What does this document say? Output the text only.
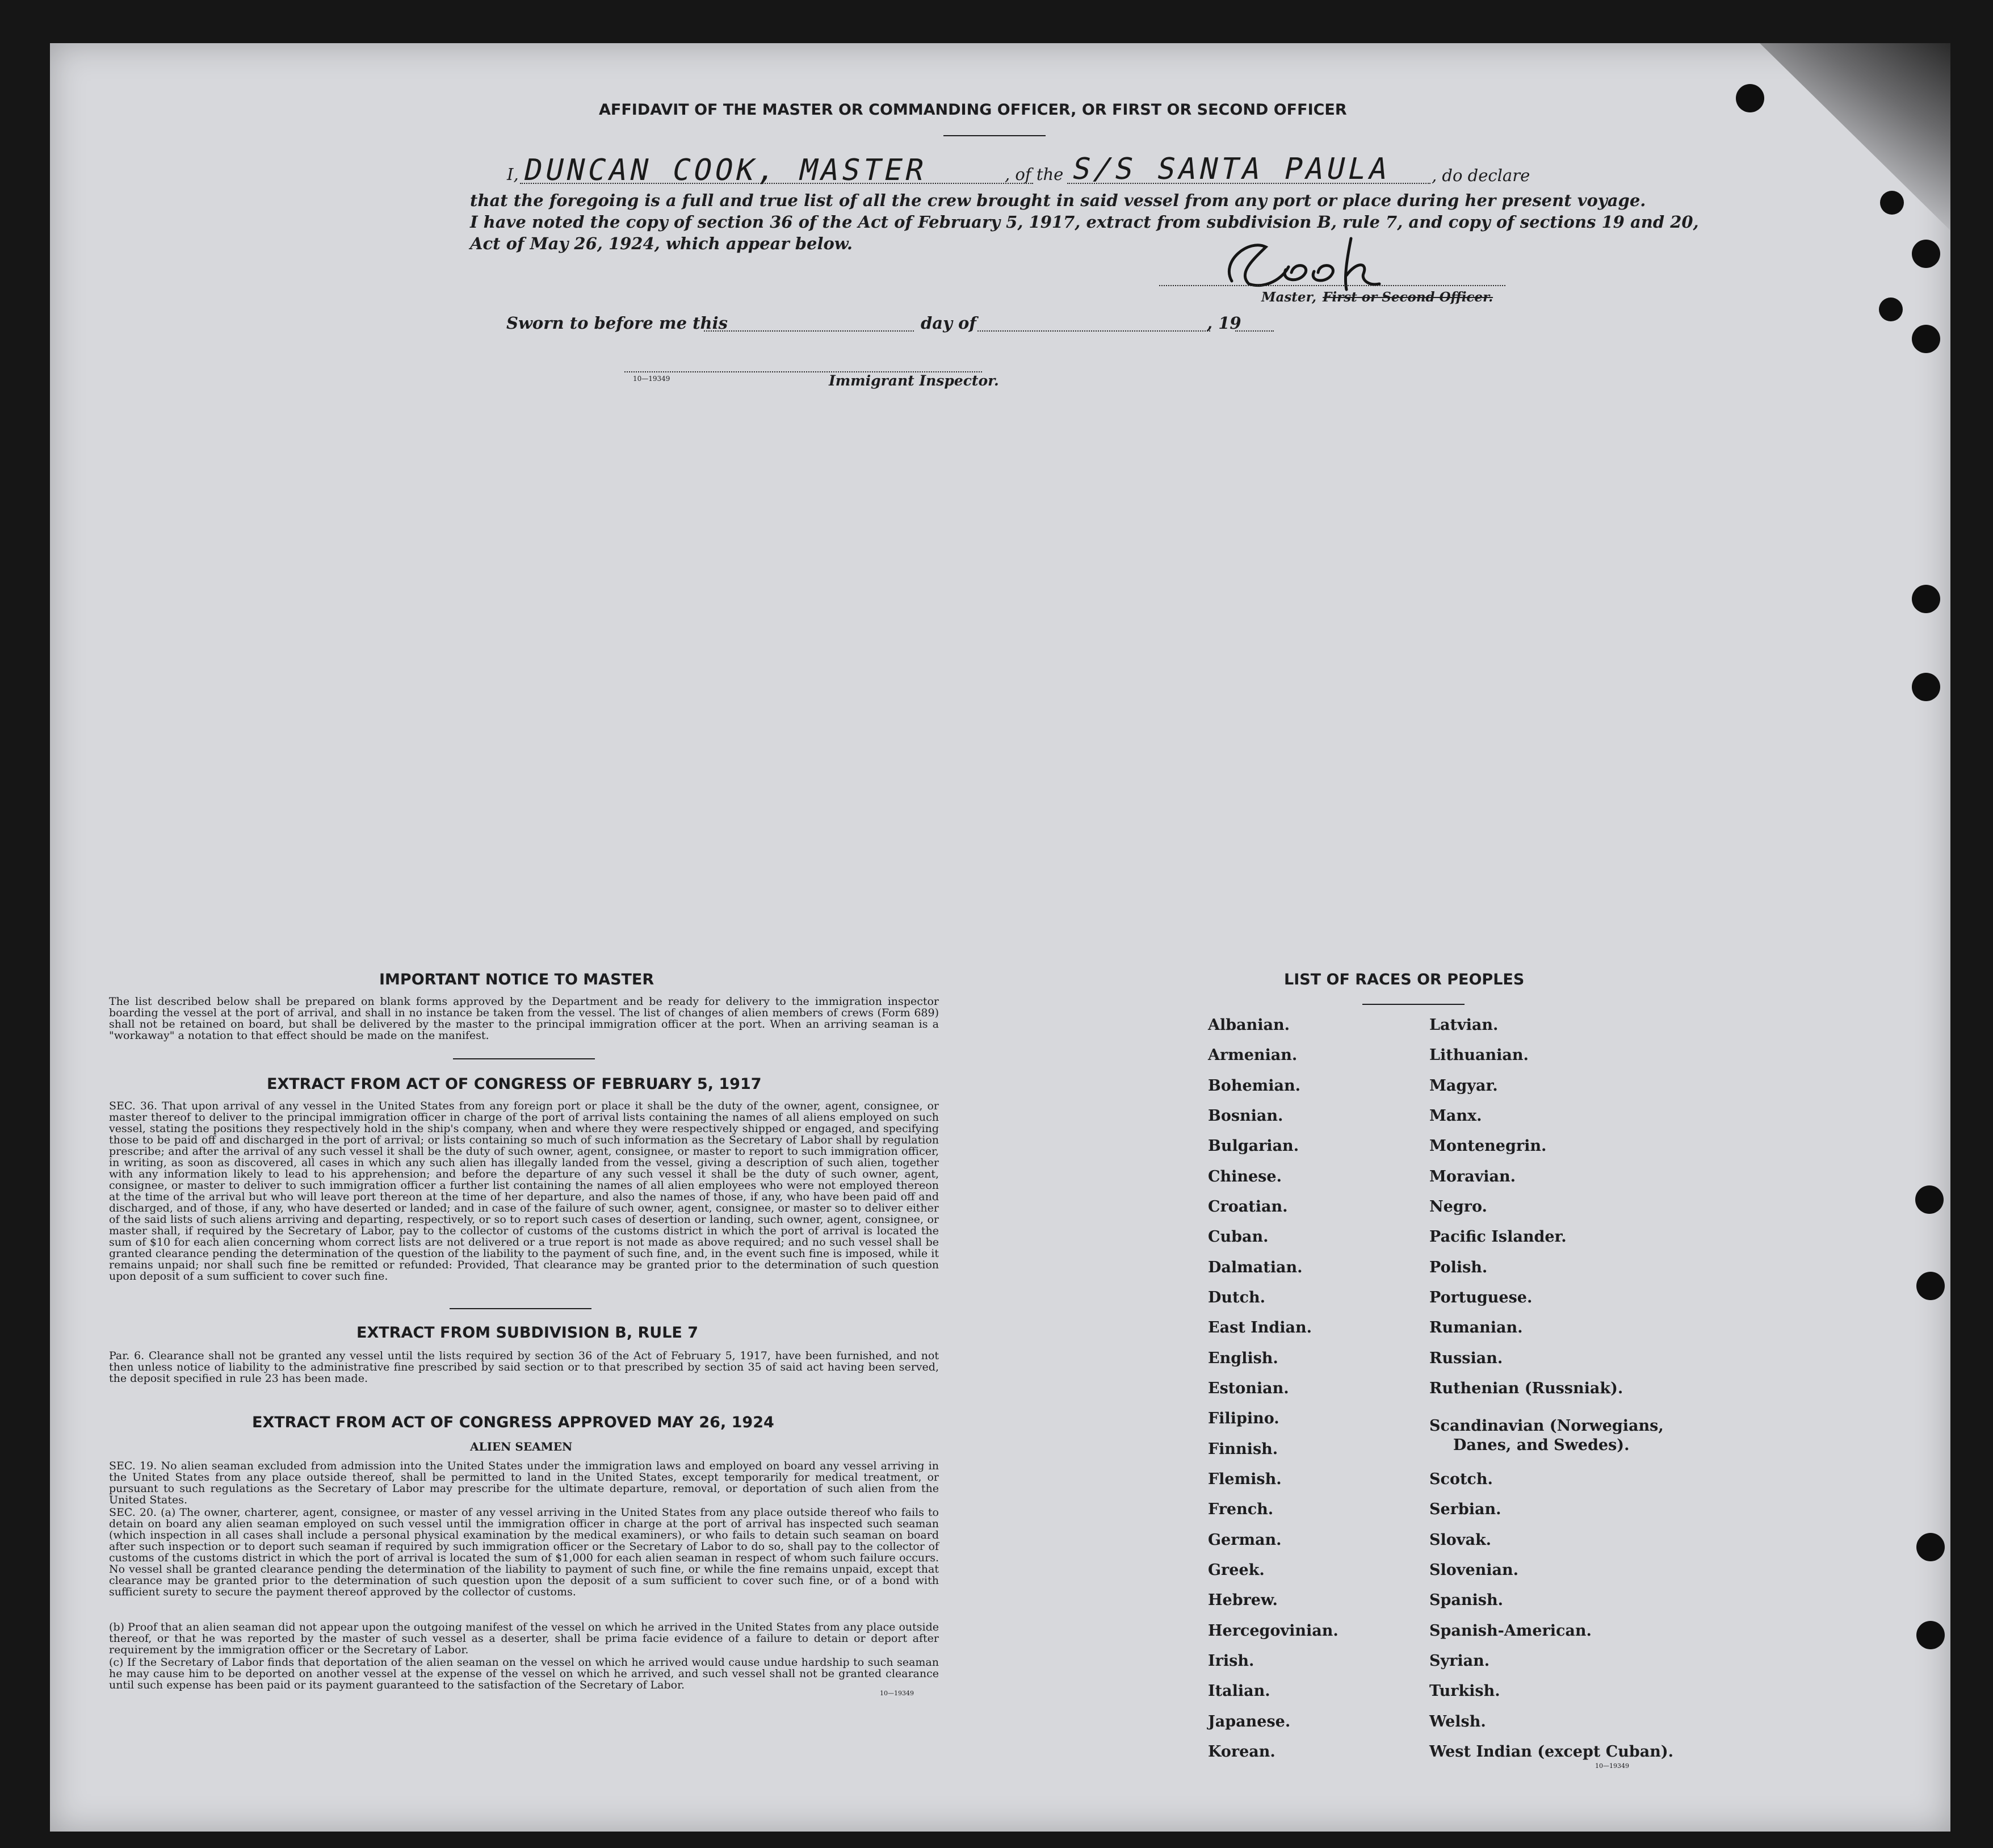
AFFIDAVIT OF THE MASTER OR COMMANDING OFFICER, OR FIRST OR SECOND OFFICER
I, DUNCAN COOK, MASTER	, of the S/S SANTA PAULA , do declare
that the foregoing is a full and true list of all the crew brought in said vessel from any port or place during her present voyage.
I have noted the copy of section 36 of the Act of February 5, 1917, extract from subdivision B, rule 7, and copy of sections 19 and 20,
Act of May 26, 1924, which appear below.
Master, First or Second Officer.
Sworn to before me this	day of	, 19
10—19349	Immigrant Inspector.
IMPORTANT NOTICE TO MASTER
The list described below shall be prepared on blank forms approved by the Department and be ready for delivery to the immigration inspector boarding the vessel at the port of arrival, and shall in no instance be taken from the vessel. The list of changes of alien members of crews (Form 689) shall not be retained on board, but shall be delivered by the master to the principal immigration officer at the port. When an arriving seaman is a "workaway" a notation to that effect should be made on the manifest.
EXTRACT FROM ACT OF CONGRESS OF FEBRUARY 5, 1917
SEC. 36. That upon arrival of any vessel in the United States from any foreign port or place it shall be the duty of the owner, agent, consignee, or master thereof to deliver to the principal immigration officer in charge of the port of arrival lists containing the names of all aliens employed on such vessel, stating the positions they respectively hold in the ship's company, when and where they were respectively shipped or engaged, and specifying those to be paid off and discharged in the port of arrival; or lists containing so much of such information as the Secretary of Labor shall by regulation prescribe; and after the arrival of any such vessel it shall be the duty of such owner, agent, consignee, or master to report to such immigration officer, in writing, as soon as discovered, all cases in which any such alien has illegally landed from the vessel, giving a description of such alien, together with any information likely to lead to his apprehension; and before the departure of any such vessel it shall be the duty of such owner, agent, consignee, or master to deliver to such immigration officer a further list containing the names of all alien employees who were not employed thereon at the time of the arrival but who will leave port thereon at the time of her departure, and also the names of those, if any, who have been paid off and discharged, and of those, if any, who have deserted or landed; and in case of the failure of such owner, agent, consignee, or master so to deliver either of the said lists of such aliens arriving and departing, respectively, or so to report such cases of desertion or landing, such owner, agent, consignee, or master shall, if required by the Secretary of Labor, pay to the collector of customs of the customs district in which the port of arrival is located the sum of $10 for each alien concerning whom correct lists are not delivered or a true report is not made as above required; and no such vessel shall be granted clearance pending the determination of the question of the liability to the payment of such fine, and, in the event such fine is imposed, while it remains unpaid; nor shall such fine be remitted or refunded: Provided, That clearance may be granted prior to the determination of such question upon deposit of a sum sufficient to cover such fine.
EXTRACT FROM SUBDIVISION B, RULE 7
Par. 6. Clearance shall not be granted any vessel until the lists required by section 36 of the Act of February 5, 1917, have been furnished, and not then unless notice of liability to the administrative fine prescribed by said section or to that prescribed by section 35 of said act having been served, the deposit specified in rule 23 has been made.
EXTRACT FROM ACT OF CONGRESS APPROVED MAY 26, 1924
ALIEN SEAMEN
SEC. 19. No alien seaman excluded from admission into the United States under the immigration laws and employed on board any vessel arriving in the United States from any place outside thereof, shall be permitted to land in the United States, except temporarily for medical treatment, or pursuant to such regulations as the Secretary of Labor may prescribe for the ultimate departure, removal, or deportation of such alien from the United States.
SEC. 20. (a) The owner, charterer, agent, consignee, or master of any vessel arriving in the United States from any place outside thereof who fails to detain on board any alien seaman employed on such vessel until the immigration officer in charge at the port of arrival has inspected such seaman (which inspection in all cases shall include a personal physical examination by the medical examiners), or who fails to detain such seaman on board after such inspection or to deport such seaman if required by such immigration officer or the Secretary of Labor to do so, shall pay to the collector of customs of the customs district in which the port of arrival is located the sum of $1,000 for each alien seaman in respect of whom such failure occurs. No vessel shall be granted clearance pending the determination of the liability to payment of such fine, or while the fine remains unpaid, except that clearance may be granted prior to the determination of such question upon the deposit of a sum sufficient to cover such fine, or of a bond with sufficient surety to secure the payment thereof approved by the collector of customs.
(b) Proof that an alien seaman did not appear upon the outgoing manifest of the vessel on which he arrived in the United States from any place outside thereof, or that he was reported by the master of such vessel as a deserter, shall be prima facie evidence of a failure to detain or deport after requirement by the immigration officer or the Secretary of Labor.
(c) If the Secretary of Labor finds that deportation of the alien seaman on the vessel on which he arrived would cause undue hardship to such seaman he may cause him to be deported on another vessel at the expense of the vessel on which he arrived, and such vessel shall not be granted clearance until such expense has been paid or its payment guaranteed to the satisfaction of the Secretary of Labor.
10—19349
LIST OF RACES OR PEOPLES
Albanian.
Armenian.
Bohemian.
Bosnian.
Bulgarian.
Chinese.
Croatian.
Cuban.
Dalmatian.
Dutch.
East Indian.
English.
Estonian.
Filipino.
Finnish.
Flemish.
French.
German.
Greek.
Hebrew.
Hercegovinian.
Irish.
Italian.
Japanese.
Korean.
Latvian.
Lithuanian.
Magyar.
Manx.
Montenegrin.
Moravian.
Negro.
Pacific Islander.
Polish.
Portuguese.
Rumanian.
Russian.
Ruthenian (Russniak).
Scandinavian (Norwegians,
Danes, and Swedes).
Scotch.
Serbian.
Slovak.
Slovenian.
Spanish.
Spanish-American.
Syrian.
Turkish.
Welsh.
West Indian (except Cuban).
10—19349
